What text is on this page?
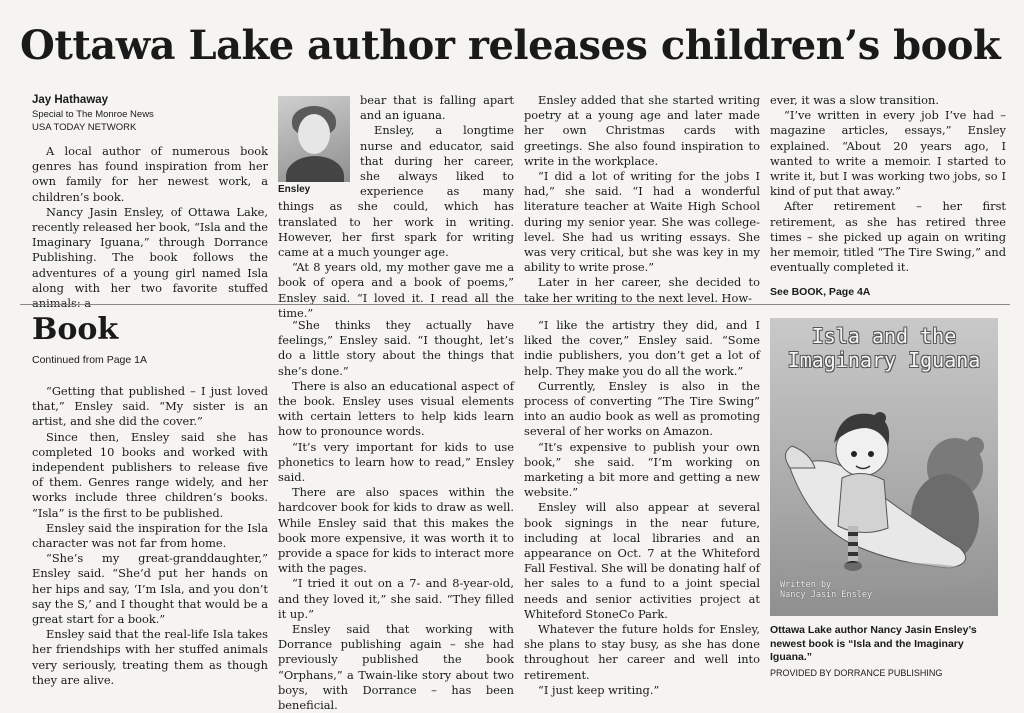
Ottawa Lake author releases children’s book
Jay Hathaway
Special to The Monroe News
USA TODAY NETWORK

A local author of numerous book genres has found inspiration from her own family for her newest work, a children’s book.

Nancy Jasin Ensley, of Ottawa Lake, recently released her book, “Isla and the Imaginary Iguana,” through Dorrance Publishing. The book follows the adventures of a young girl named Isla along with her two favorite stuffed animals: a

Ensley

bear that is falling apart and an iguana.

Ensley, a longtime nurse and educator, said that during her career, she always liked to experience as many things as she could, which has translated to her work in writing. However, her first spark for writing came at a much younger age.

“At 8 years old, my mother gave me a book of opera and a book of poems,” Ensley said. “I loved it. I read all the time.”

Ensley added that she started writing poetry at a young age and later made her own Christmas cards with greetings. She also found inspiration to write in the workplace.

“I did a lot of writing for the jobs I had,” she said. “I had a wonderful literature teacher at Waite High School during my senior year. She was college-level. She had us writing essays. She was very critical, but she was key in my ability to write prose.”

Later in her career, she decided to take her writing to the next level. How-

ever, it was a slow transition.

“I’ve written in every job I’ve had – magazine articles, essays,” Ensley explained. “About 20 years ago, I wanted to write a memoir. I started to write it, but I was working two jobs, so I kind of put that away.”

After retirement – her first retirement, as she has retired three times – she picked up again on writing her memoir, titled “The Tire Swing,” and eventually completed it.

See BOOK, Page 4A
Book
Continued from Page 1A

“Getting that published – I just loved that,” Ensley said. “My sister is an artist, and she did the cover.”

Since then, Ensley said she has completed 10 books and worked with independent publishers to release five of them. Genres range widely, and her works include three children’s books. “Isla” is the first to be published.

Ensley said the inspiration for the Isla character was not far from home.

“She’s my great-granddaughter,” Ensley said. “She’d put her hands on her hips and say, ‘I’m Isla, and you don’t say the S,’ and I thought that would be a great start for a book.”

Ensley said that the real-life Isla takes her friendships with her stuffed animals very seriously, treating them as though they are alive.

“She thinks they actually have feelings,” Ensley said. “I thought, let’s do a little story about the things that she’s done.”

There is also an educational aspect of the book. Ensley uses visual elements with certain letters to help kids learn how to pronounce words.

“It’s very important for kids to use phonetics to learn how to read,” Ensley said.

There are also spaces within the hardcover book for kids to draw as well. While Ensley said that this makes the book more expensive, it was worth it to provide a space for kids to interact more with the pages.

“I tried it out on a 7- and 8-year-old, and they loved it,” she said. “They filled it up.”

Ensley said that working with Dorrance publishing again – she had previously published the book “Orphans,” a Twain-like story about two boys, with Dorrance – has been beneficial.

“I like the artistry they did, and I liked the cover,” Ensley said. “Some indie publishers, you don’t get a lot of help. They make you do all the work.”

Currently, Ensley is also in the process of converting “The Tire Swing” into an audio book as well as promoting several of her works on Amazon.

“It’s expensive to publish your own book,” she said. “I’m working on marketing a bit more and getting a new website.”

Ensley will also appear at several book signings in the near future, including at local libraries and an appearance on Oct. 7 at the Whiteford Fall Festival. She will be donating half of her sales to a fund to a joint special needs and senior activities project at Whiteford StoneCo Park.

Whatever the future holds for Ensley, she plans to stay busy, as she has done throughout her career and well into retirement.

“I just keep writing.”

Isla and the Imaginary Iguana
Written by
Nancy Jasin Ensley
Ottawa Lake author Nancy Jasin Ensley’s newest book is “Isla and the Imaginary Iguana.”
PROVIDED BY DORRANCE PUBLISHING
